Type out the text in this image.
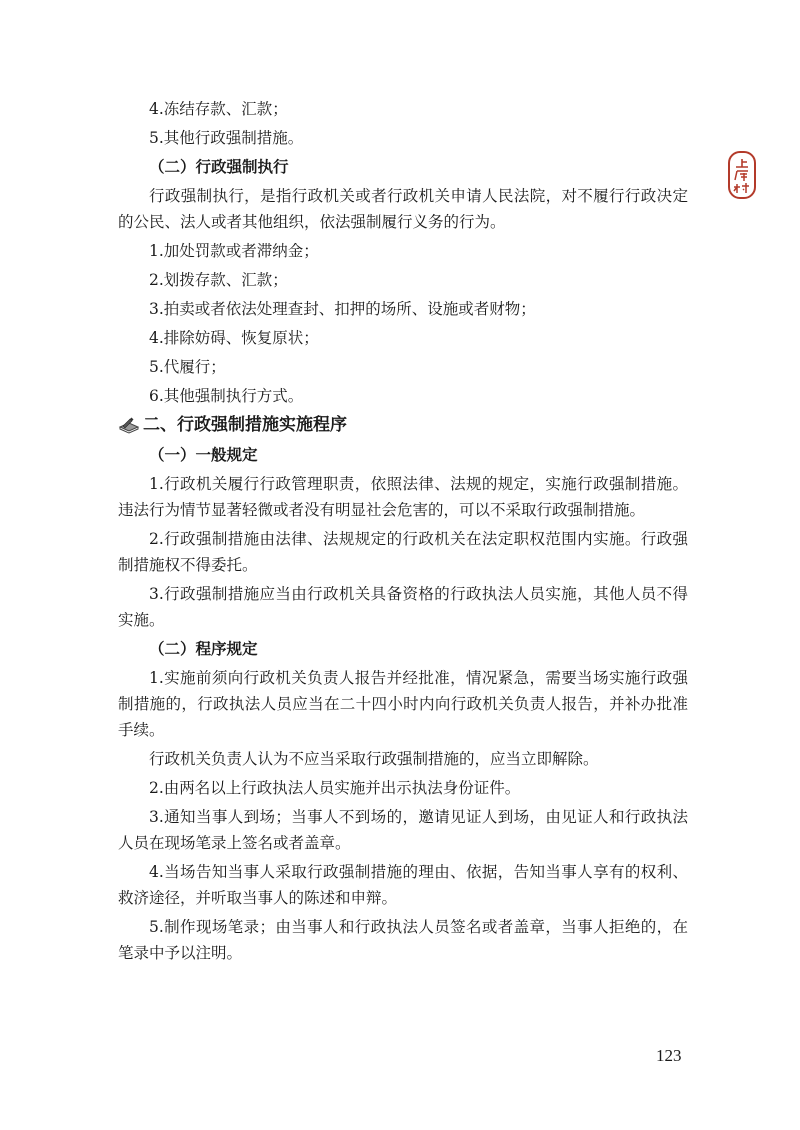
4.冻结存款、汇款；

5.其他行政强制措施。

（二）行政强制执行

行政强制执行，是指行政机关或者行政机关申请人民法院，对不履行行政决定的公民、法人或者其他组织，依法强制履行义务的行为。

1.加处罚款或者滞纳金；

2.划拨存款、汇款；

3.拍卖或者依法处理查封、扣押的场所、设施或者财物；

4.排除妨碍、恢复原状；

5.代履行；

6.其他强制执行方式。

二、行政强制措施实施程序
（一）一般规定

1.行政机关履行行政管理职责，依照法律、法规的规定，实施行政强制措施。违法行为情节显著轻微或者没有明显社会危害的，可以不采取行政强制措施。

2.行政强制措施由法律、法规规定的行政机关在法定职权范围内实施。行政强制措施权不得委托。

3.行政强制措施应当由行政机关具备资格的行政执法人员实施，其他人员不得实施。

（二）程序规定

1.实施前须向行政机关负责人报告并经批准，情况紧急，需要当场实施行政强制措施的，行政执法人员应当在二十四小时内向行政机关负责人报告，并补办批准手续。

行政机关负责人认为不应当采取行政强制措施的，应当立即解除。

2.由两名以上行政执法人员实施并出示执法身份证件。

3.通知当事人到场；当事人不到场的，邀请见证人到场，由见证人和行政执法人员在现场笔录上签名或者盖章。

4.当场告知当事人采取行政强制措施的理由、依据，告知当事人享有的权利、救济途径，并听取当事人的陈述和申辩。

5.制作现场笔录；由当事人和行政执法人员签名或者盖章，当事人拒绝的，在笔录中予以注明。

123
